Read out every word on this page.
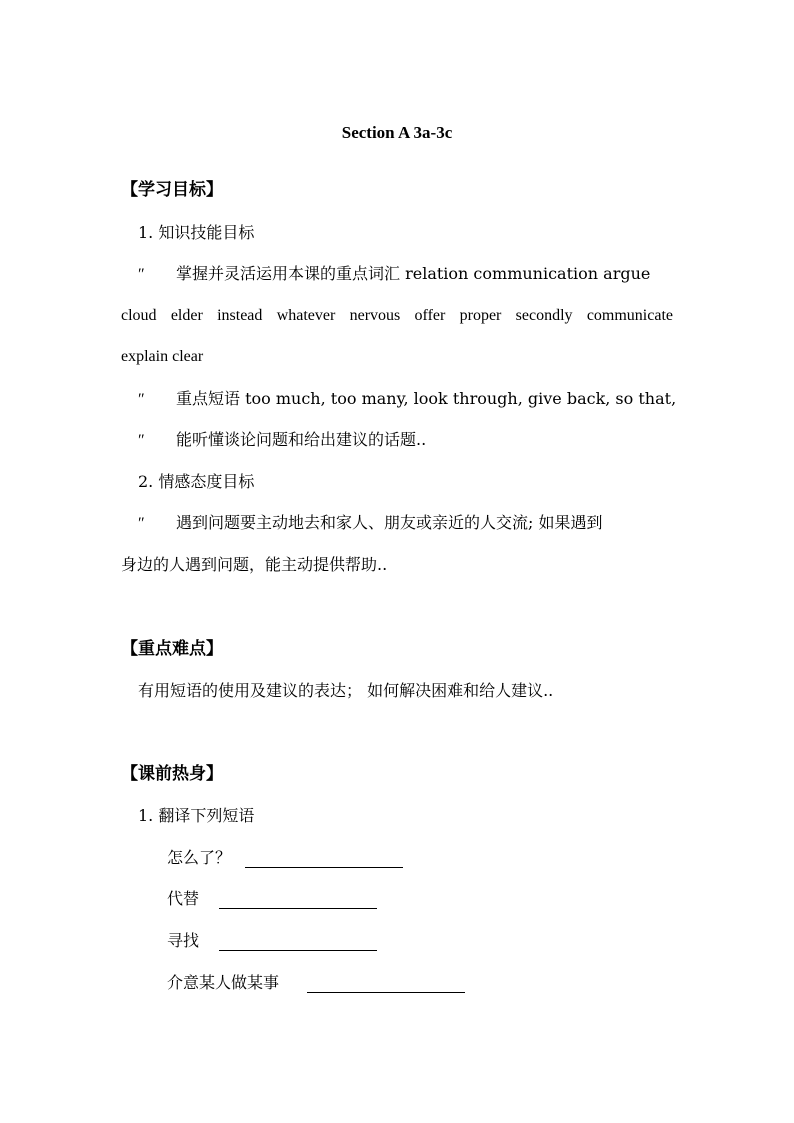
Section A 3a-3c
【学习目标】
1. 知识技能目标
″ 掌握并灵活运用本课的重点词汇 relation communication argue
cloud elder instead whatever nervous offer proper secondly communicate
explain clear
″ 重点短语 too much, too many, look through, give back, so that,
″ 能听懂谈论问题和给出建议的话题..
2. 情感态度目标
″ 遇到问题要主动地去和家人、朋友或亲近的人交流; 如果遇到
身边的人遇到问题，能主动提供帮助..
【重点难点】
有用短语的使用及建议的表达； 如何解决困难和给人建议..
【课前热身】
1. 翻译下列短语
怎么了？
代替
寻找
介意某人做某事
